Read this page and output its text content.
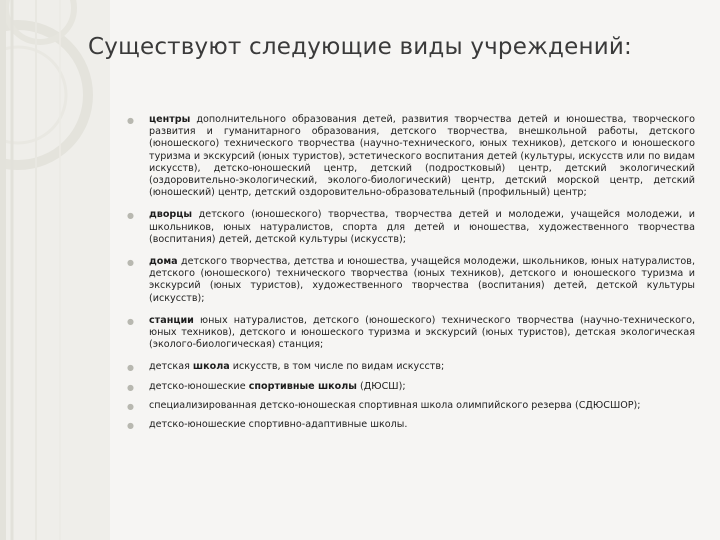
Существуют следующие виды учреждений:
● центры дополнительного образования детей, развития творчества детей и юношества, творческого развития и гуманитарного образования, детского творчества, внешкольной работы, детского (юношеского) технического творчества (научно-технического, юных техников), детского и юношеского туризма и экскурсий (юных туристов), эстетического воспитания детей (культуры, искусств или по видам искусств), детско-юношеский центр, детский (подростковый) центр, детский экологический (оздоровительно-экологический, эколого-биологический) центр, детский морской центр, детский (юношеский) центр, детский оздоровительно-образовательный (профильный) центр;
● дворцы детского (юношеского) творчества, творчества детей и молодежи, учащейся молодежи, и школьников, юных натуралистов, спорта для детей и юношества, художественного творчества (воспитания) детей, детской культуры (искусств);
● дома детского творчества, детства и юношества, учащейся молодежи, школьников, юных натуралистов, детского (юношеского) технического творчества (юных техников), детского и юношеского туризма и экскурсий (юных туристов), художественного творчества (воспитания) детей, детской культуры (искусств);
● станции юных натуралистов, детского (юношеского) технического творчества (научно-технического, юных техников), детского и юношеского туризма и экскурсий (юных туристов), детская экологическая (эколого-биологическая) станция;
● детская школа искусств, в том числе по видам искусств;
● детско-юношеские спортивные школы (ДЮСШ);
● специализированная детско-юношеская спортивная школа олимпийского резерва (СДЮСШОР);
● детско-юношеские спортивно-адаптивные школы.
